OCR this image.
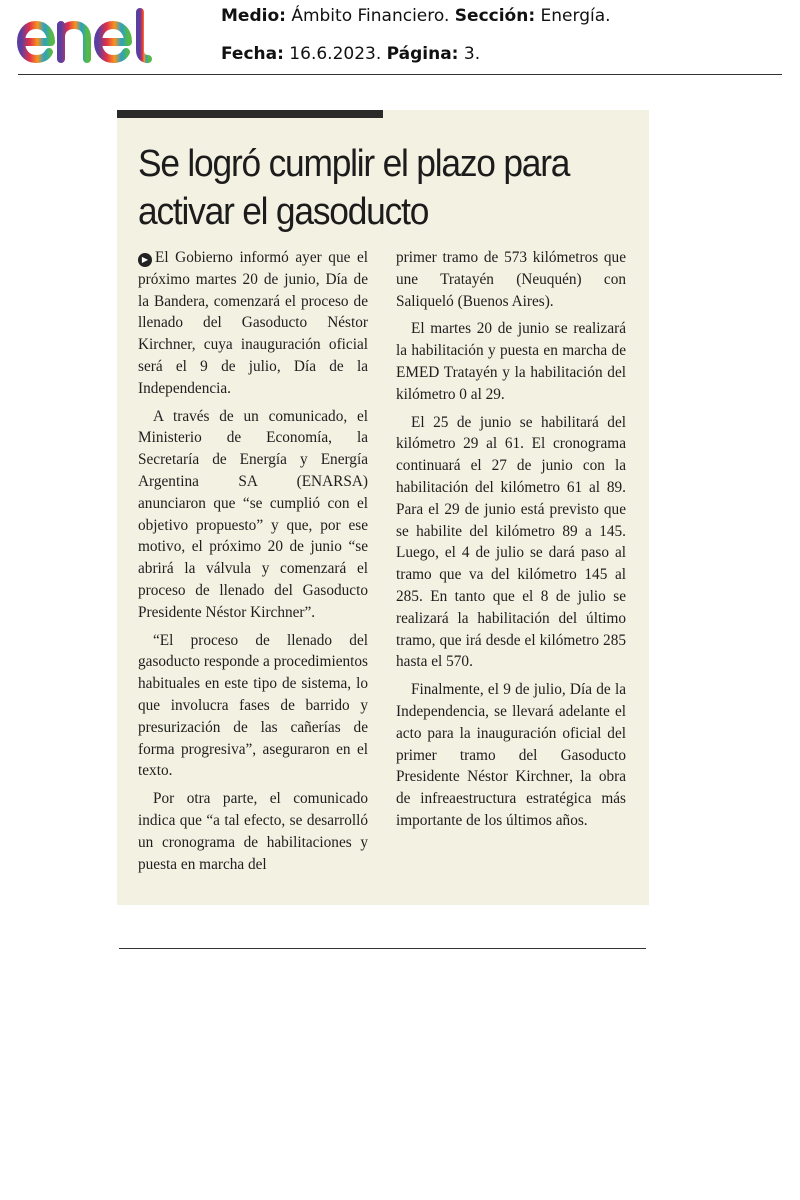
Medio: Ámbito Financiero. Sección: Energía.
Fecha: 16.6.2023. Página: 3.
Se logró cumplir el plazo para activar el gasoducto

▶ El Gobierno informó ayer que el próximo martes 20 de junio, Día de la Bandera, comenzará el proceso de llenado del Gasoducto Néstor Kirchner, cuya inauguración oficial será el 9 de julio, Día de la Independencia.

A través de un comunicado, el Ministerio de Economía, la Secretaría de Energía y Energía Argentina SA (ENARSA) anunciaron que “se cumplió con el objetivo propuesto” y que, por ese motivo, el próximo 20 de junio “se abrirá la válvula y comenzará el proceso de llenado del Gasoducto Presidente Néstor Kirchner”.

“El proceso de llenado del gasoducto responde a procedimientos habituales en este tipo de sistema, lo que involucra fases de barrido y presurización de las cañerías de forma progresiva”, aseguraron en el texto.

Por otra parte, el comunicado indica que “a tal efecto, se desarrolló un cronograma de habilitaciones y puesta en marcha del

primer tramo de 573 kilómetros que une Tratayén (Neuquén) con Saliqueló (Buenos Aires).

El martes 20 de junio se realizará la habilitación y puesta en marcha de EMED Tratayén y la habilitación del kilómetro 0 al 29.

El 25 de junio se habilitará del kilómetro 29 al 61. El cronograma continuará el 27 de junio con la habilitación del kilómetro 61 al 89. Para el 29 de junio está previsto que se habilite del kilómetro 89 a 145. Luego, el 4 de julio se dará paso al tramo que va del kilómetro 145 al 285. En tanto que el 8 de julio se realizará la habilitación del último tramo, que irá desde el kilómetro 285 hasta el 570.

Finalmente, el 9 de julio, Día de la Independencia, se llevará adelante el acto para la inauguración oficial del primer tramo del Gasoducto Presidente Néstor Kirchner, la obra de infreaestructura estratégica más importante de los últimos años.
